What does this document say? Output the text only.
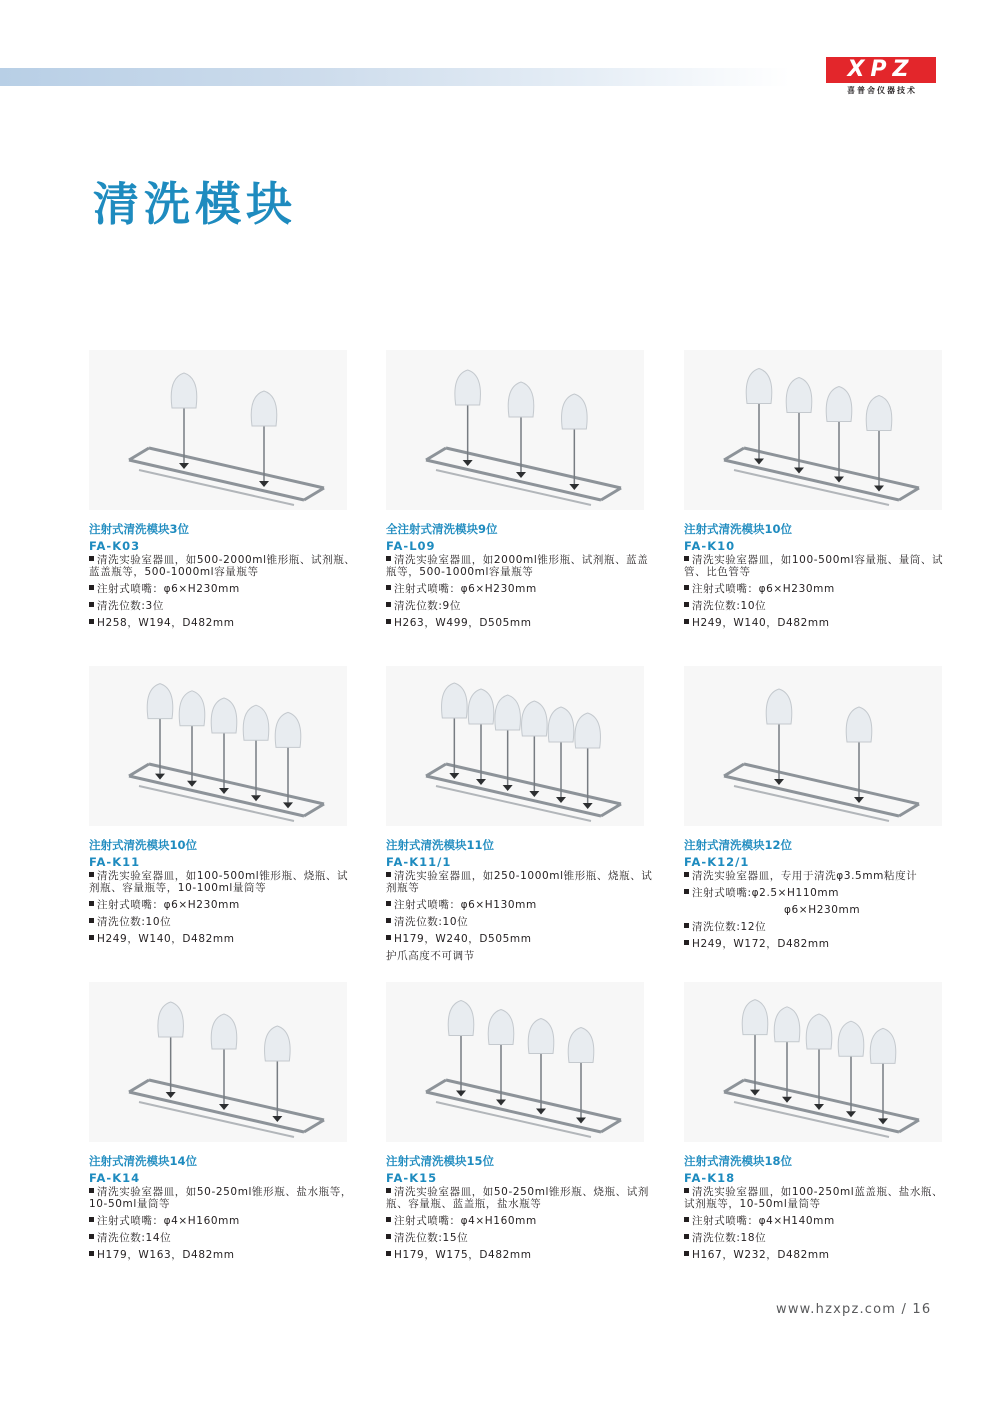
XPZ
喜普舍仪器技术
清洗模块
注射式清洗模块3位
FA-K03

清洗实验室器皿，如500-2000ml锥形瓶、试剂瓶、蓝盖瓶等，500-1000ml容量瓶等

注射式喷嘴：φ6×H230mm

清洗位数:3位

H258，W194，D482mm

全注射式清洗模块9位
FA-L09

清洗实验室器皿，如2000ml锥形瓶、试剂瓶、蓝盖瓶等，500-1000ml容量瓶等

注射式喷嘴：φ6×H230mm

清洗位数:9位

H263，W499，D505mm

注射式清洗模块10位
FA-K10

清洗实验室器皿，如100-500ml容量瓶、量筒、试管、比色管等

注射式喷嘴：φ6×H230mm

清洗位数:10位

H249，W140，D482mm

注射式清洗模块10位
FA-K11

清洗实验室器皿，如100-500ml锥形瓶、烧瓶、试剂瓶、容量瓶等，10-100ml量筒等

注射式喷嘴：φ6×H230mm

清洗位数:10位

H249，W140，D482mm

注射式清洗模块11位
FA-K11/1

清洗实验室器皿，如250-1000ml锥形瓶、烧瓶、试剂瓶等

注射式喷嘴：φ6×H130mm

清洗位数:10位

H179，W240，D505mm

护爪高度不可调节

注射式清洗模块12位
FA-K12/1

清洗实验室器皿，专用于清洗φ3.5mm粘度计

注射式喷嘴:φ2.5×H110mm

φ6×H230mm

清洗位数:12位

H249，W172，D482mm

注射式清洗模块14位
FA-K14

清洗实验室器皿，如50-250ml锥形瓶、盐水瓶等，10-50ml量筒等

注射式喷嘴：φ4×H160mm

清洗位数:14位

H179，W163，D482mm

注射式清洗模块15位
FA-K15

清洗实验室器皿，如50-250ml锥形瓶、烧瓶、试剂瓶、容量瓶、蓝盖瓶，盐水瓶等

注射式喷嘴：φ4×H160mm

清洗位数:15位

H179，W175，D482mm

注射式清洗模块18位
FA-K18

清洗实验室器皿，如100-250ml蓝盖瓶、盐水瓶、试剂瓶等，10-50ml量筒等

注射式喷嘴：φ4×H140mm

清洗位数:18位

H167，W232，D482mm

www.hzxpz.com / 16
